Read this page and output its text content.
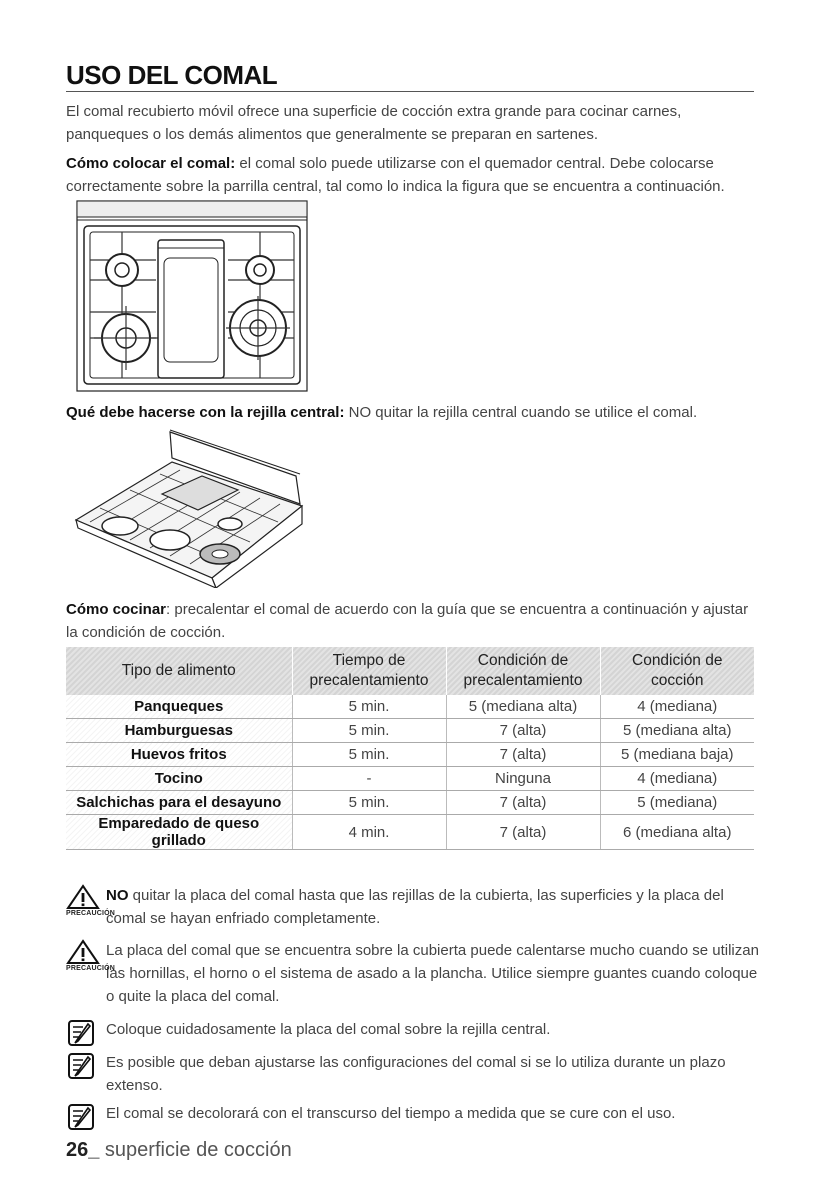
USO DEL COMAL

El comal recubierto móvil ofrece una superficie de cocción extra grande para cocinar carnes, panqueques o los demás alimentos que generalmente se preparan en sartenes.

Cómo colocar el comal: el comal solo puede utilizarse con el quemador central. Debe colocarse correctamente sobre la parrilla central, tal como lo indica la figura que se encuentra a continuación.

Qué debe hacerse con la rejilla central: NO quitar la rejilla central cuando se utilice el comal.

Cómo cocinar: precalentar el comal de acuerdo con la guía que se encuentra a continuación y ajustar la condición de cocción.

Tipo de alimento	Tiempo de precalentamiento	Condición de precalentamiento	Condición de cocción
Panqueques	5 min.	5 (mediana alta)	4 (mediana)
Hamburguesas	5 min.	7 (alta)	5 (mediana alta)
Huevos fritos	5 min.	7 (alta)	5 (mediana baja)
Tocino	-	Ninguna	4 (mediana)
Salchichas para el desayuno	5 min.	7 (alta)	5 (mediana)
Emparedado de queso grillado	4 min.	7 (alta)	6 (mediana alta)
PRECAUCIÓN
NO quitar la placa del comal hasta que las rejillas de la cubierta, las superficies y la placa del comal se hayan enfriado completamente.
PRECAUCIÓN
La placa del comal que se encuentra sobre la cubierta puede calentarse mucho cuando se utilizan las hornillas, el horno o el sistema de asado a la plancha. Utilice siempre guantes cuando coloque o quite la placa del comal.
Coloque cuidadosamente la placa del comal sobre la rejilla central.
Es posible que deban ajustarse las configuraciones del comal si se lo utiliza durante un plazo extenso.
El comal se decolorará con el transcurso del tiempo a medida que se cure con el uso.
26_ superficie de cocción
